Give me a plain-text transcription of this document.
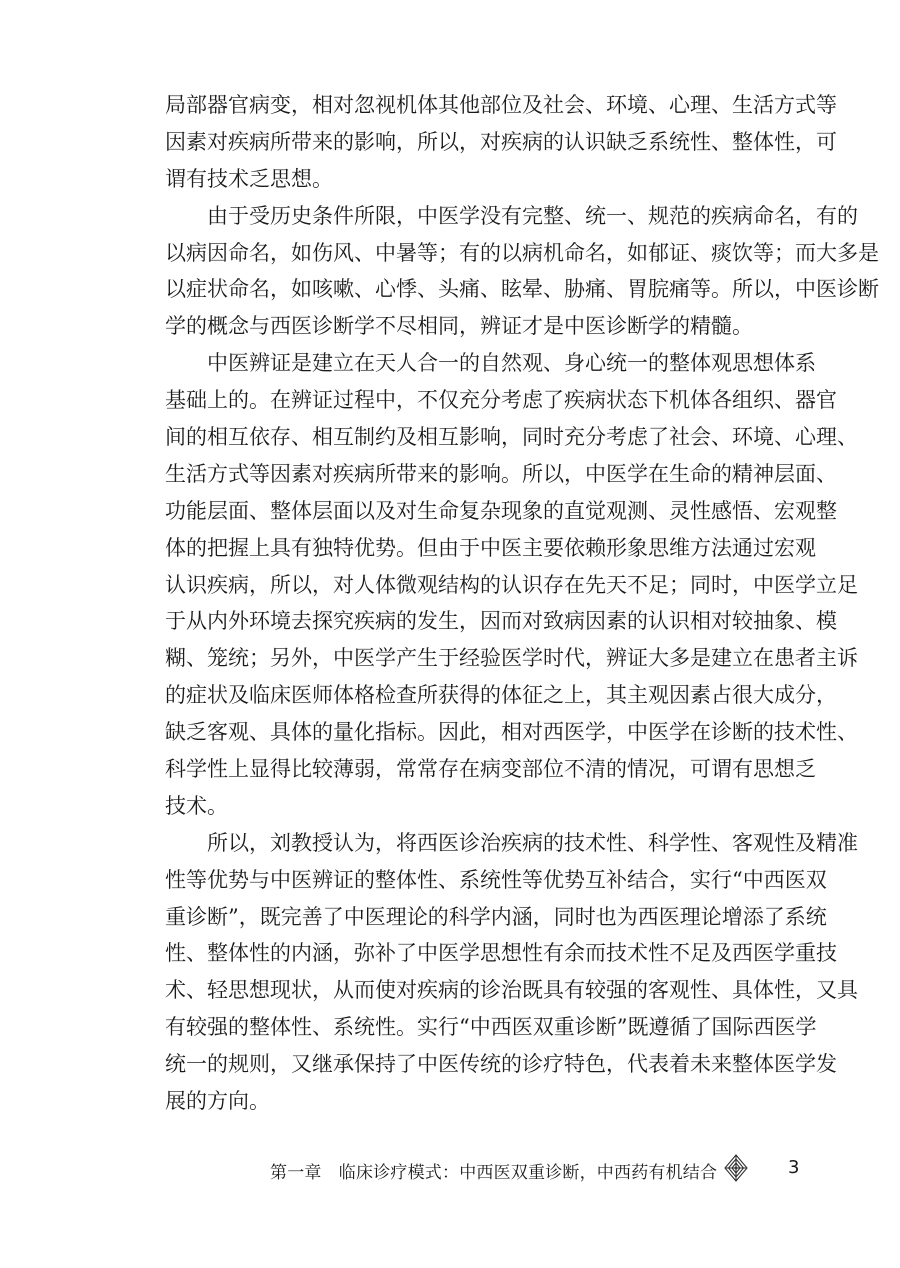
局部器官病变，相对忽视机体其他部位及社会、环境、心理、生活方式等
因素对疾病所带来的影响，所以，对疾病的认识缺乏系统性、整体性，可
谓有技术乏思想。
由于受历史条件所限，中医学没有完整、统一、规范的疾病命名，有的
以病因命名，如伤风、中暑等；有的以病机命名，如郁证、痰饮等；而大多是
以症状命名，如咳嗽、心悸、头痛、眩晕、胁痛、胃脘痛等。所以，中医诊断
学的概念与西医诊断学不尽相同，辨证才是中医诊断学的精髓。
中医辨证是建立在天人合一的自然观、身心统一的整体观思想体系
基础上的。在辨证过程中，不仅充分考虑了疾病状态下机体各组织、器官
间的相互依存、相互制约及相互影响，同时充分考虑了社会、环境、心理、
生活方式等因素对疾病所带来的影响。所以，中医学在生命的精神层面、
功能层面、整体层面以及对生命复杂现象的直觉观测、灵性感悟、宏观整
体的把握上具有独特优势。但由于中医主要依赖形象思维方法通过宏观
认识疾病，所以，对人体微观结构的认识存在先天不足；同时，中医学立足
于从内外环境去探究疾病的发生，因而对致病因素的认识相对较抽象、模
糊、笼统；另外，中医学产生于经验医学时代，辨证大多是建立在患者主诉
的症状及临床医师体格检查所获得的体征之上，其主观因素占很大成分，
缺乏客观、具体的量化指标。因此，相对西医学，中医学在诊断的技术性、
科学性上显得比较薄弱，常常存在病变部位不清的情况，可谓有思想乏
技术。
所以，刘教授认为，将西医诊治疾病的技术性、科学性、客观性及精准
性等优势与中医辨证的整体性、系统性等优势互补结合，实行“中西医双
重诊断”，既完善了中医理论的科学内涵，同时也为西医理论增添了系统
性、整体性的内涵，弥补了中医学思想性有余而技术性不足及西医学重技
术、轻思想现状，从而使对疾病的诊治既具有较强的客观性、具体性，又具
有较强的整体性、系统性。实行“中西医双重诊断”既遵循了国际西医学
统一的规则，又继承保持了中医传统的诊疗特色，代表着未来整体医学发
展的方向。
第一章　临床诊疗模式：中西医双重诊断，中西药有机结合	3
